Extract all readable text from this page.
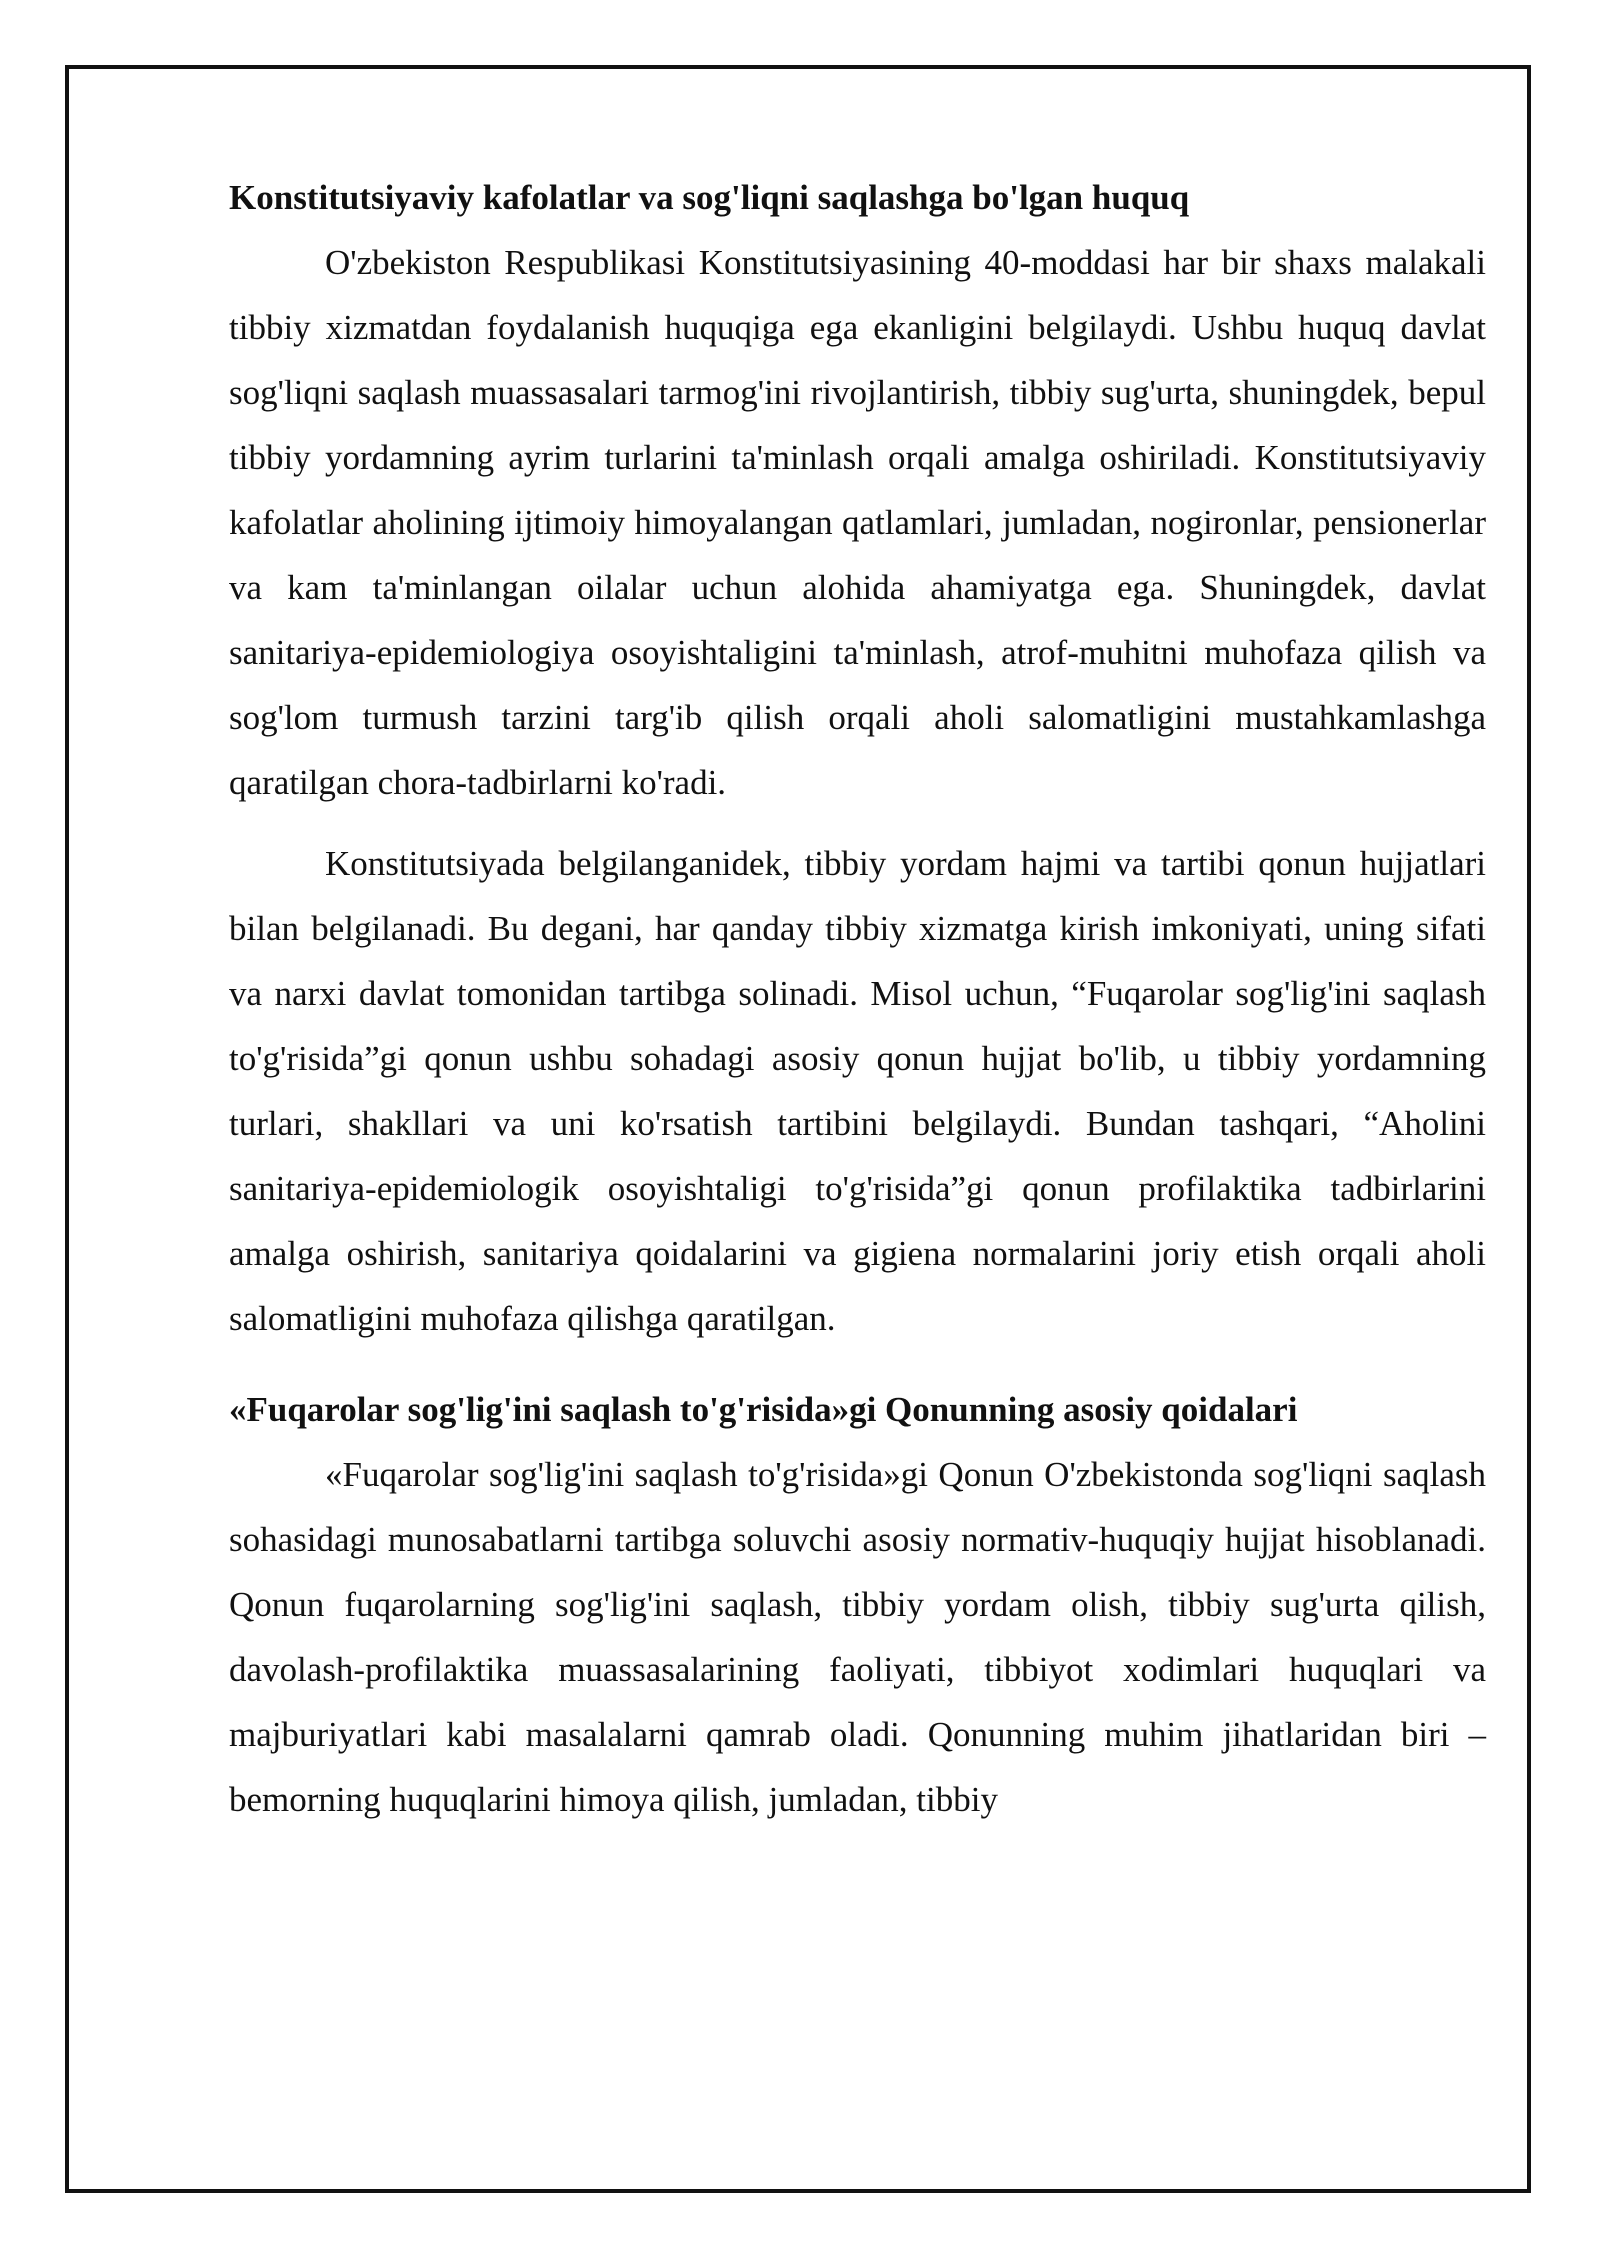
Konstitutsiyaviy kafolatlar va sog'liqni saqlashga bo'lgan huquq

O'zbekiston Respublikasi Konstitutsiyasining 40-moddasi har bir shaxs malakali tibbiy xizmatdan foydalanish huquqiga ega ekanligini belgilaydi. Ushbu huquq davlat sog'liqni saqlash muassasalari tarmog'ini rivojlantirish, tibbiy sug'urta, shuningdek, bepul tibbiy yordamning ayrim turlarini ta'minlash orqali amalga oshiriladi. Konstitutsiyaviy kafolatlar aholining ijtimoiy himoyalangan qatlamlari, jumladan, nogironlar, pensionerlar va kam ta'minlangan oilalar uchun alohida ahamiyatga ega. Shuningdek, davlat sanitariya-epidemiologiya osoyishtaligini ta'minlash, atrof-muhitni muhofaza qilish va sog'lom turmush tarzini targ'ib qilish orqali aholi salomatligini mustahkamlashga qaratilgan chora-tadbirlarni ko'radi.

Konstitutsiyada belgilanganidek, tibbiy yordam hajmi va tartibi qonun hujjatlari bilan belgilanadi. Bu degani, har qanday tibbiy xizmatga kirish imkoniyati, uning sifati va narxi davlat tomonidan tartibga solinadi. Misol uchun, “Fuqarolar sog'lig'ini saqlash to'g'risida”gi qonun ushbu sohadagi asosiy qonun hujjat bo'lib, u tibbiy yordamning turlari, shakllari va uni ko'rsatish tartibini belgilaydi. Bundan tashqari, “Aholini sanitariya-epidemiologik osoyishtaligi to'g'risida”gi qonun profilaktika tadbirlarini amalga oshirish, sanitariya qoidalarini va gigiena normalarini joriy etish orqali aholi salomatligini muhofaza qilishga qaratilgan.

«Fuqarolar sog'lig'ini saqlash to'g'risida»gi Qonunning asosiy qoidalari

«Fuqarolar sog'lig'ini saqlash to'g'risida»gi Qonun O'zbekistonda sog'liqni saqlash sohasidagi munosabatlarni tartibga soluvchi asosiy normativ-huquqiy hujjat hisoblanadi. Qonun fuqarolarning sog'lig'ini saqlash, tibbiy yordam olish, tibbiy sug'urta qilish, davolash-profilaktika muassasalarining faoliyati, tibbiyot xodimlari huquqlari va majburiyatlari kabi masalalarni qamrab oladi. Qonunning muhim jihatlaridan biri – bemorning huquqlarini himoya qilish, jumladan, tibbiy
